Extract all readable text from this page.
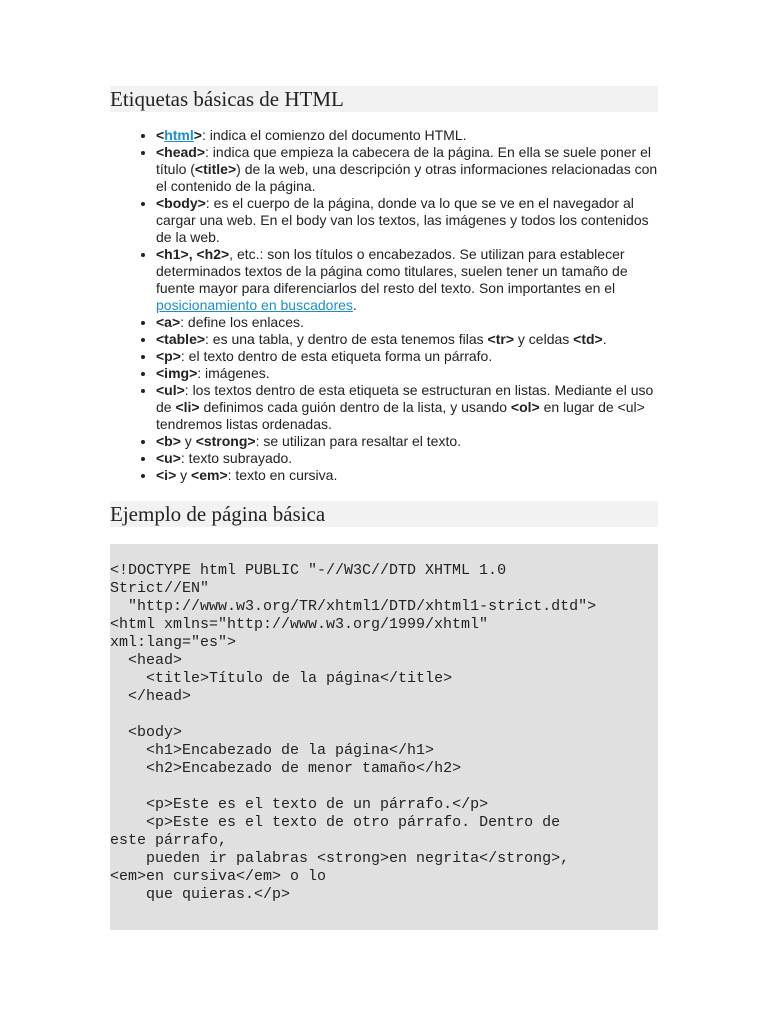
Etiquetas básicas de HTML
• <html>: indica el comienzo del documento HTML.
• <head>: indica que empieza la cabecera de la página. En ella se suele poner el título (<title>) de la web, una descripción y otras informaciones relacionadas con el contenido de la página.
• <body>: es el cuerpo de la página, donde va lo que se ve en el navegador al cargar una web. En el body van los textos, las imágenes y todos los contenidos de la web.
• <h1>, <h2>, etc.: son los títulos o encabezados. Se utilizan para establecer determinados textos de la página como titulares, suelen tener un tamaño de fuente mayor para diferenciarlos del resto del texto. Son importantes en el posicionamiento en buscadores.
• <a>: define los enlaces.
• <table>: es una tabla, y dentro de esta tenemos filas <tr> y celdas <td>.
• <p>: el texto dentro de esta etiqueta forma un párrafo.
• <img>: imágenes.
• <ul>: los textos dentro de esta etiqueta se estructuran en listas. Mediante el uso de <li> definimos cada guión dentro de la lista, y usando <ol> en lugar de <ul> tendremos listas ordenadas.
• <b> y <strong>: se utilizan para resaltar el texto.
• <u>: texto subrayado.
• <i> y <em>: texto en cursiva.
Ejemplo de página básica
<!DOCTYPE html PUBLIC "-//W3C//DTD XHTML 1.0
Strict//EN"
"http://www.w3.org/TR/xhtml1/DTD/xhtml1-strict.dtd">
<html xmlns="http://www.w3.org/1999/xhtml"
xml:lang="es">
<head>
<title>Título de la página</title>
</head>

<body>
<h1>Encabezado de la página</h1>
<h2>Encabezado de menor tamaño</h2>

<p>Este es el texto de un párrafo.</p>
<p>Este es el texto de otro párrafo. Dentro de
este párrafo,
pueden ir palabras <strong>en negrita</strong>,
<em>en cursiva</em> o lo
que quieras.</p>
